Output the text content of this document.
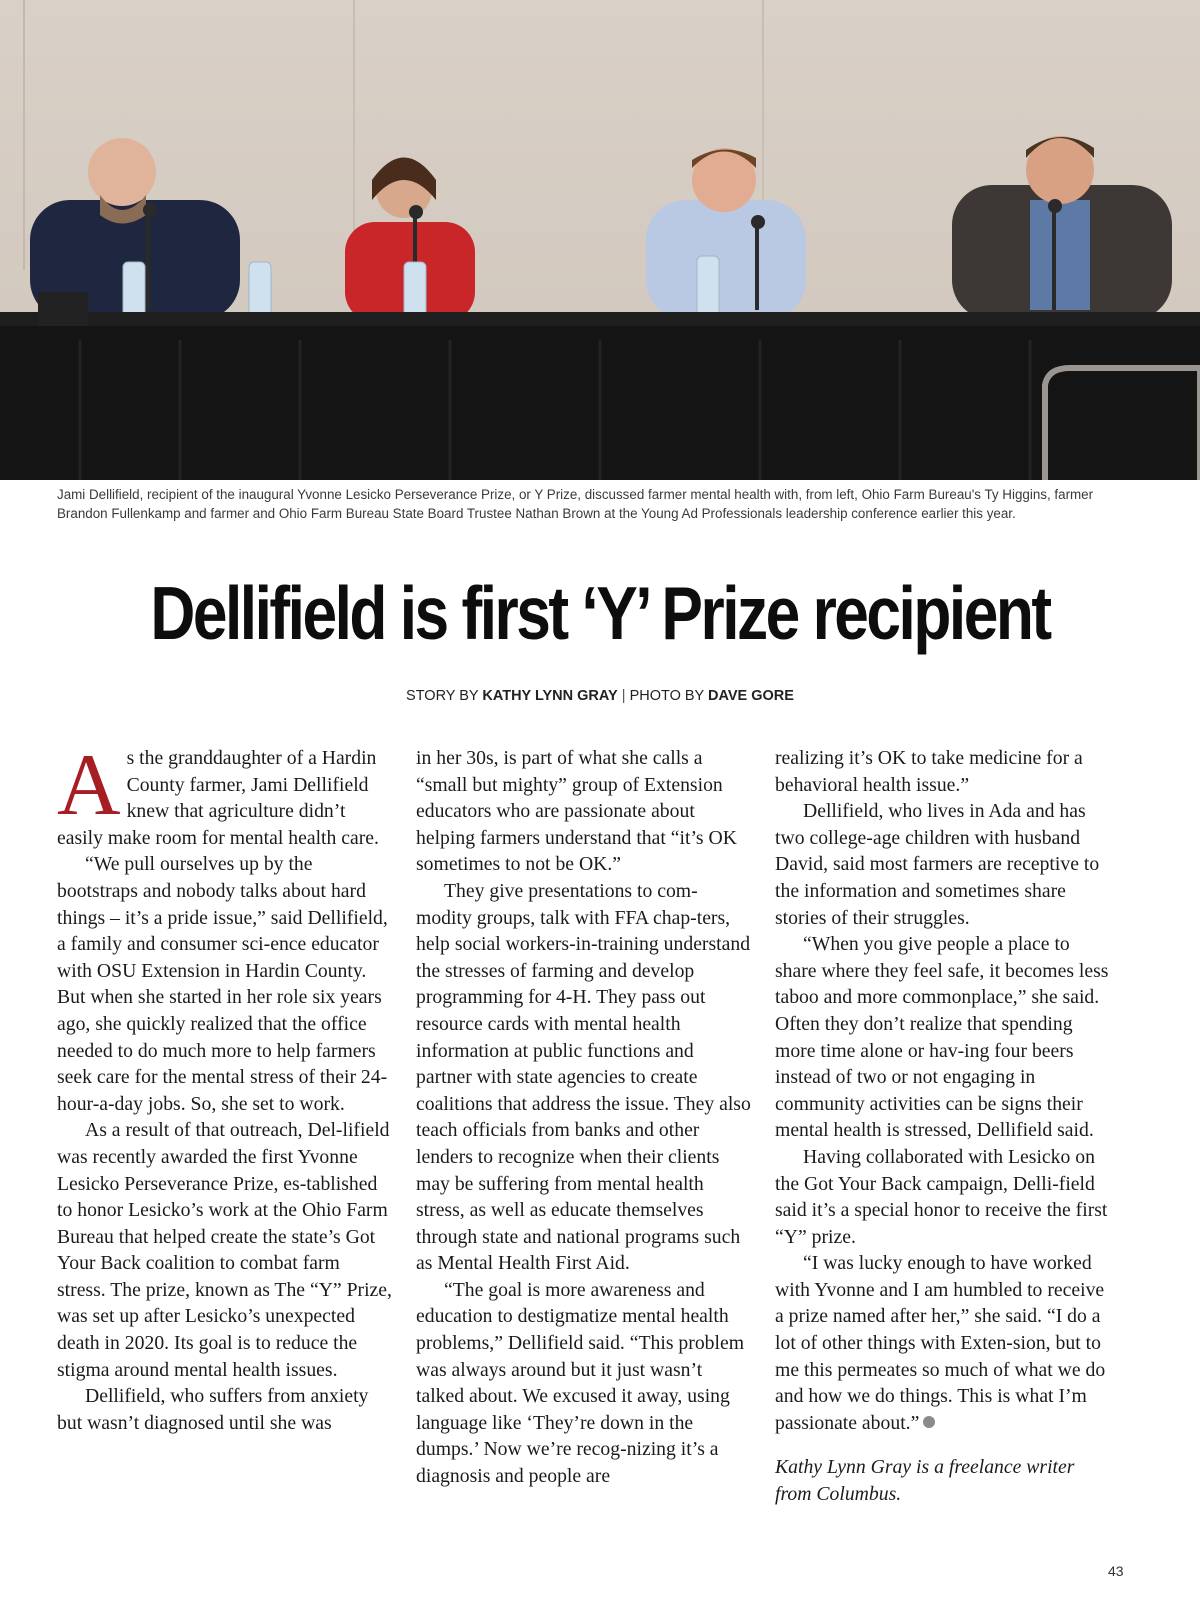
Jami Dellifield, recipient of the inaugural Yvonne Lesicko Perseverance Prize, or Y Prize, discussed farmer mental health with, from left, Ohio Farm Bureau's Ty Higgins, farmer Brandon Fullenkamp and farmer and Ohio Farm Bureau State Board Trustee Nathan Brown at the Young Ad Professionals leadership conference earlier this year.
Dellifield is first ‘Y’ Prize recipient
STORY BY KATHY LYNN GRAY | PHOTO BY DAVE GORE

As the granddaughter of a Hardin County farmer, Jami Dellifield knew that agriculture didn’t easily make room for mental health care.

“We pull ourselves up by the bootstraps and nobody talks about hard things – it’s a pride issue,” said Dellifield, a family and consumer sci-ence educator with OSU Extension in Hardin County. But when she started in her role six years ago, she quickly realized that the office needed to do much more to help farmers seek care for the mental stress of their 24-hour-a-day jobs. So, she set to work.

As a result of that outreach, Del-lifield was recently awarded the first Yvonne Lesicko Perseverance Prize, es-tablished to honor Lesicko’s work at the Ohio Farm Bureau that helped create the state’s Got Your Back coalition to combat farm stress. The prize, known as The “Y” Prize, was set up after Lesicko’s unexpected death in 2020. Its goal is to reduce the stigma around mental health issues.

Dellifield, who suffers from anxiety but wasn’t diagnosed until she was

in her 30s, is part of what she calls a “small but mighty” group of Extension educators who are passionate about helping farmers understand that “it’s OK sometimes to not be OK.”

They give presentations to com-modity groups, talk with FFA chap-ters, help social workers-in-training understand the stresses of farming and develop programming for 4-H. They pass out resource cards with mental health information at public functions and partner with state agencies to create coalitions that address the issue. They also teach officials from banks and other lenders to recognize when their clients may be suffering from mental health stress, as well as educate themselves through state and national programs such as Mental Health First Aid.

“The goal is more awareness and education to destigmatize mental health problems,” Dellifield said. “This problem was always around but it just wasn’t talked about. We excused it away, using language like ‘They’re down in the dumps.’ Now we’re recog-nizing it’s a diagnosis and people are

realizing it’s OK to take medicine for a behavioral health issue.”

Dellifield, who lives in Ada and has two college-age children with husband David, said most farmers are receptive to the information and sometimes share stories of their struggles.

“When you give people a place to share where they feel safe, it becomes less taboo and more commonplace,” she said. Often they don’t realize that spending more time alone or hav-ing four beers instead of two or not engaging in community activities can be signs their mental health is stressed, Dellifield said.

Having collaborated with Lesicko on the Got Your Back campaign, Delli-field said it’s a special honor to receive the first “Y” prize.

“I was lucky enough to have worked with Yvonne and I am humbled to receive a prize named after her,” she said. “I do a lot of other things with Exten-sion, but to me this permeates so much of what we do and how we do things. This is what I’m passionate about.”

Kathy Lynn Gray is a freelance writer from Columbus.

43
